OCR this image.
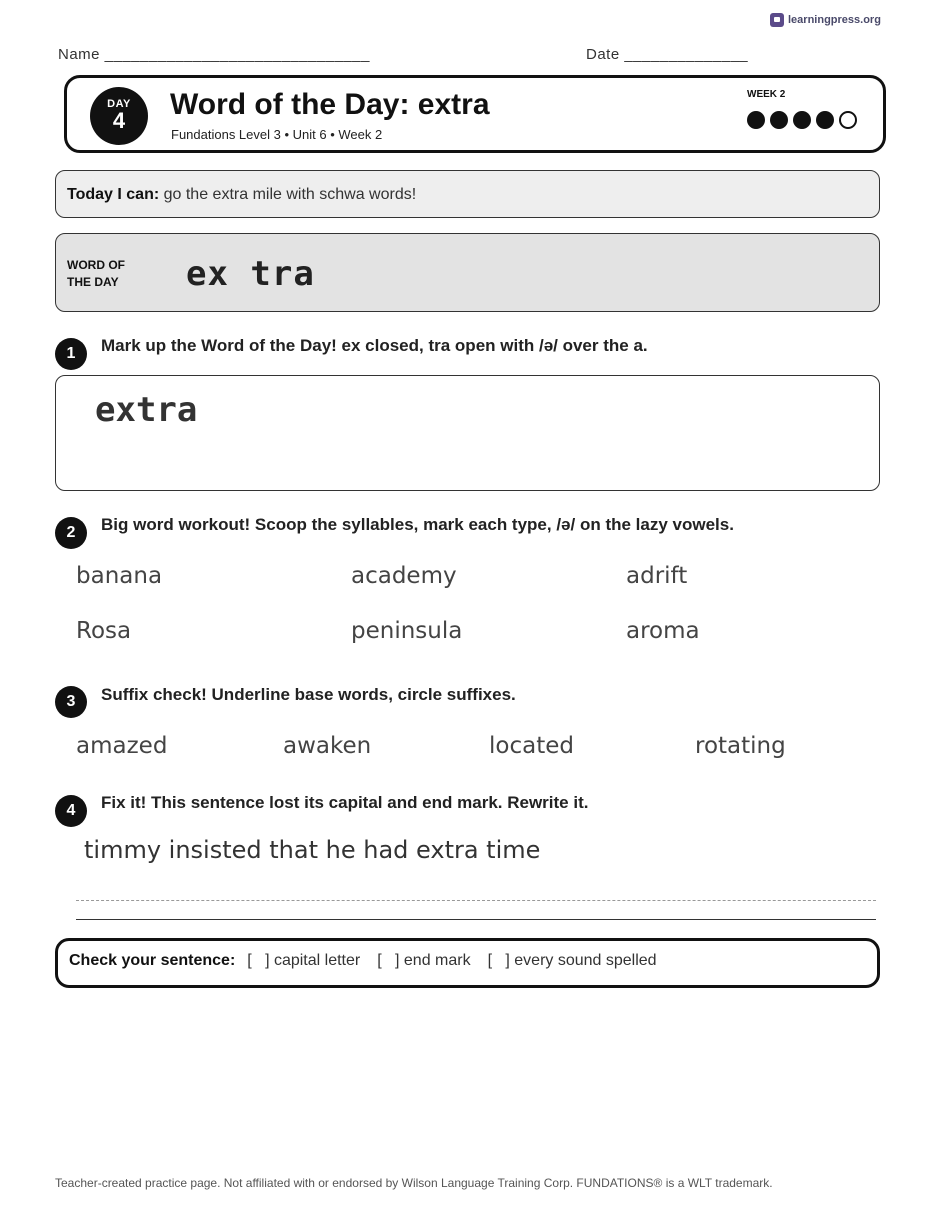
learningpress.org
Name ______________________________	Date ______________
DAY
4	Word of the Day: extra
Fundations Level 3 • Unit 6 • Week 2
WEEK 2
Today I can: go the extra mile with schwa words!
WORD OF THE DAY	ex tra
1	Mark up the Word of the Day! ex closed, tra open with /ə/ over the a.
extra
2	Big word workout! Scoop the syllables, mark each type, /ə/ on the lazy vowels.
banana	academy	adrift
Rosa	peninsula	aroma
3	Suffix check! Underline base words, circle suffixes.
amazed	awaken	located	rotating
4	Fix it! This sentence lost its capital and end mark. Rewrite it.
timmy insisted that he had extra time
Check your sentence: [   ] capital letter [   ] end mark [   ] every sound spelled
Teacher-created practice page. Not affiliated with or endorsed by Wilson Language Training Corp. FUNDATIONS® is a WLT trademark.
